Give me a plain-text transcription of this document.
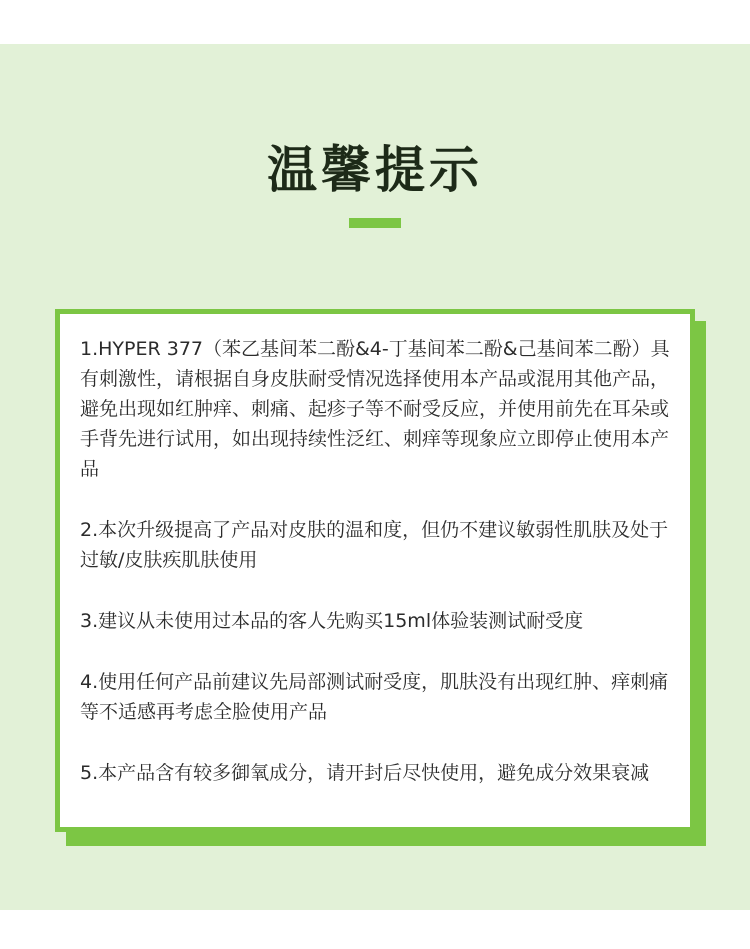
温馨提示
1.HYPER 377（苯乙基间苯二酚&4-丁基间苯二酚&己基间苯二酚）具有刺激性，请根据自身皮肤耐受情况选择使用本产品或混用其他产品，避免出现如红肿痒、刺痛、起疹子等不耐受反应，并使用前先在耳朵或手背先进行试用，如出现持续性泛红、刺痒等现象应立即停止使用本产品
2.本次升级提高了产品对皮肤的温和度，但仍不建议敏弱性肌肤及处于过敏/皮肤疾肌肤使用
3.建议从未使用过本品的客人先购买15ml体验装测试耐受度
4.使用任何产品前建议先局部测试耐受度，肌肤没有出现红肿、痒刺痛等不适感再考虑全脸使用产品
5.本产品含有较多御氧成分，请开封后尽快使用，避免成分效果衰减
